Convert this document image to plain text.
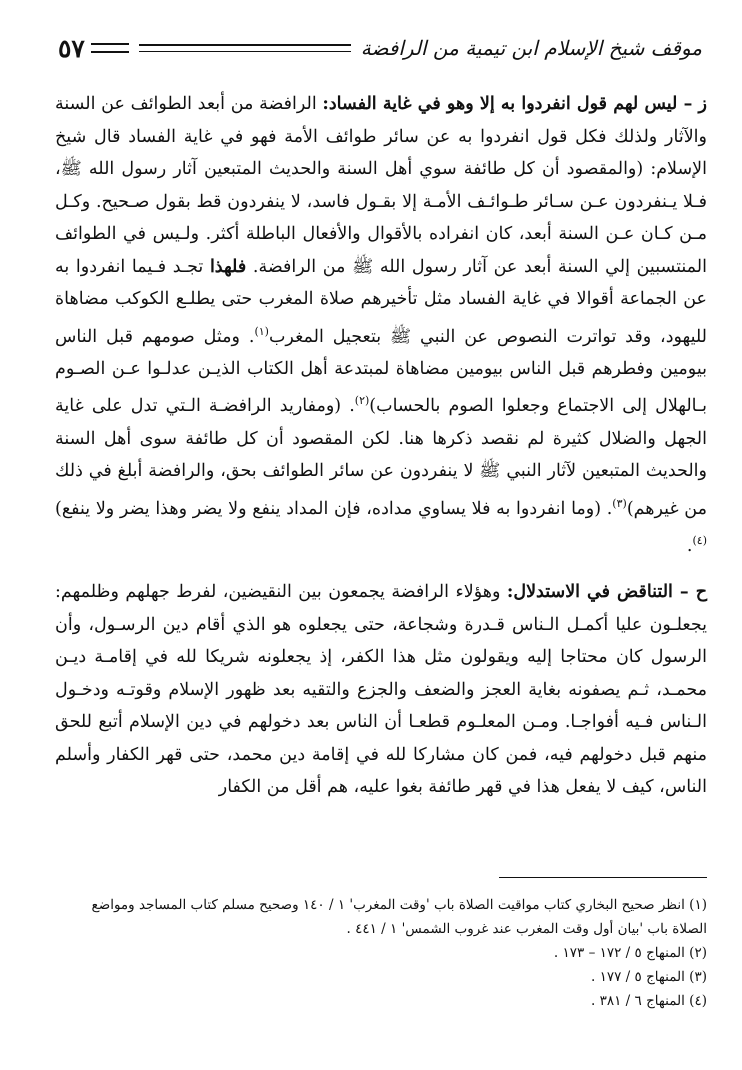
٥٧	موقف شيخ الإسلام ابن تيمية من الرافضة

ز – ليس لهم قول انفردوا به إلا وهو في غاية الفساد: الرافضة من أبعد الطوائف عن السنة والآثار ولذلك فكل قول انفردوا به عن سائر طوائف الأمة فهو في غاية الفساد قال شيخ الإسلام: (والمقصود أن كل طائفة سوي أهل السنة والحديث المتبعين آثار رسول الله ﷺ، فـلا يـنفردون عـن سـائر طـوائـف الأمـة إلا بقـول فاسد، لا ينفردون قط بقول صـحيح. وكـل مـن كـان عـن السنة أبعد، كان انفراده بالأقوال والأفعال الباطلة أكثر. ولـيس في الطوائف المنتسبين إلي السنة أبعد عن آثار رسول الله ﷺ من الرافضة. فلهذا تجـد فـيما انفردوا به عن الجماعة أقوالا في غاية الفساد مثل تأخيرهم صلاة المغرب حتى يطلـع الكوكب مضاهاة لليهود، وقد تواترت النصوص عن النبي ﷺ بتعجيل المغرب$^{(١)}$. ومثل صومهم قبل الناس بيومين وفطرهم قبل الناس بيومين مضاهاة لمبتدعة أهل الكتاب الذيـن عدلـوا عـن الصـوم بـالهلال إلى الاجتماع وجعلوا الصوم بالحساب)$^{(٢)}$. (ومفاريد الرافضـة الـتي تدل على غاية الجهل والضلال كثيرة لم نقصد ذكرها هنا. لكن المقصود أن كل طائفة سوى أهل السنة والحديث المتبعين لآثار النبي ﷺ لا ينفردون عن سائر الطوائف بحق، والرافضة أبلغ في ذلك من غيرهم)$^{(٣)}$. (وما انفردوا به فلا يساوي مداده، فإن المداد ينفع ولا يضر وهذا يضر ولا ينفع)$^{(٤)}$.

ح – التناقض في الاستدلال: وهؤلاء الرافضة يجمعون بين النقيضين، لفرط جهلهم وظلمهم: يجعلـون عليا أكمـل الـناس قـدرة وشجاعة، حتى يجعلوه هو الذي أقام دين الرسـول، وأن الرسول كان محتاجا إليه ويقولون مثل هذا الكفر، إذ يجعلونه شريكا لله في إقامـة ديـن محمـد، ثـم يصفونه بغاية العجز والضعف والجزع والتقيه بعد ظهور الإسلام وقوتـه ودخـول الـناس فـيه أفواجـا. ومـن المعلـوم قطعـا أن الناس بعد دخولهم في دين الإسلام أتبع للحق منهم قبل دخولهم فيه، فمن كان مشاركا لله في إقامة دين محمد، حتى قهر الكفار وأسلم الناس، كيف لا يفعل هذا في قهر طائفة بغوا عليه، هم أقل من الكفار

(١) انظر صحيح البخاري كتاب مواقيت الصلاة باب 'وقت المغرب' ١ / ١٤٠ وصحيح مسلم كتاب المساجد ومواضع الصلاة باب 'بيان أول وقت المغرب عند غروب الشمس' ١ / ٤٤١ .
(٢) المنهاج ٥ / ١٧٢ – ١٧٣ .
(٣) المنهاج ٥ / ١٧٧ .
(٤) المنهاج ٦ / ٣٨١ .
